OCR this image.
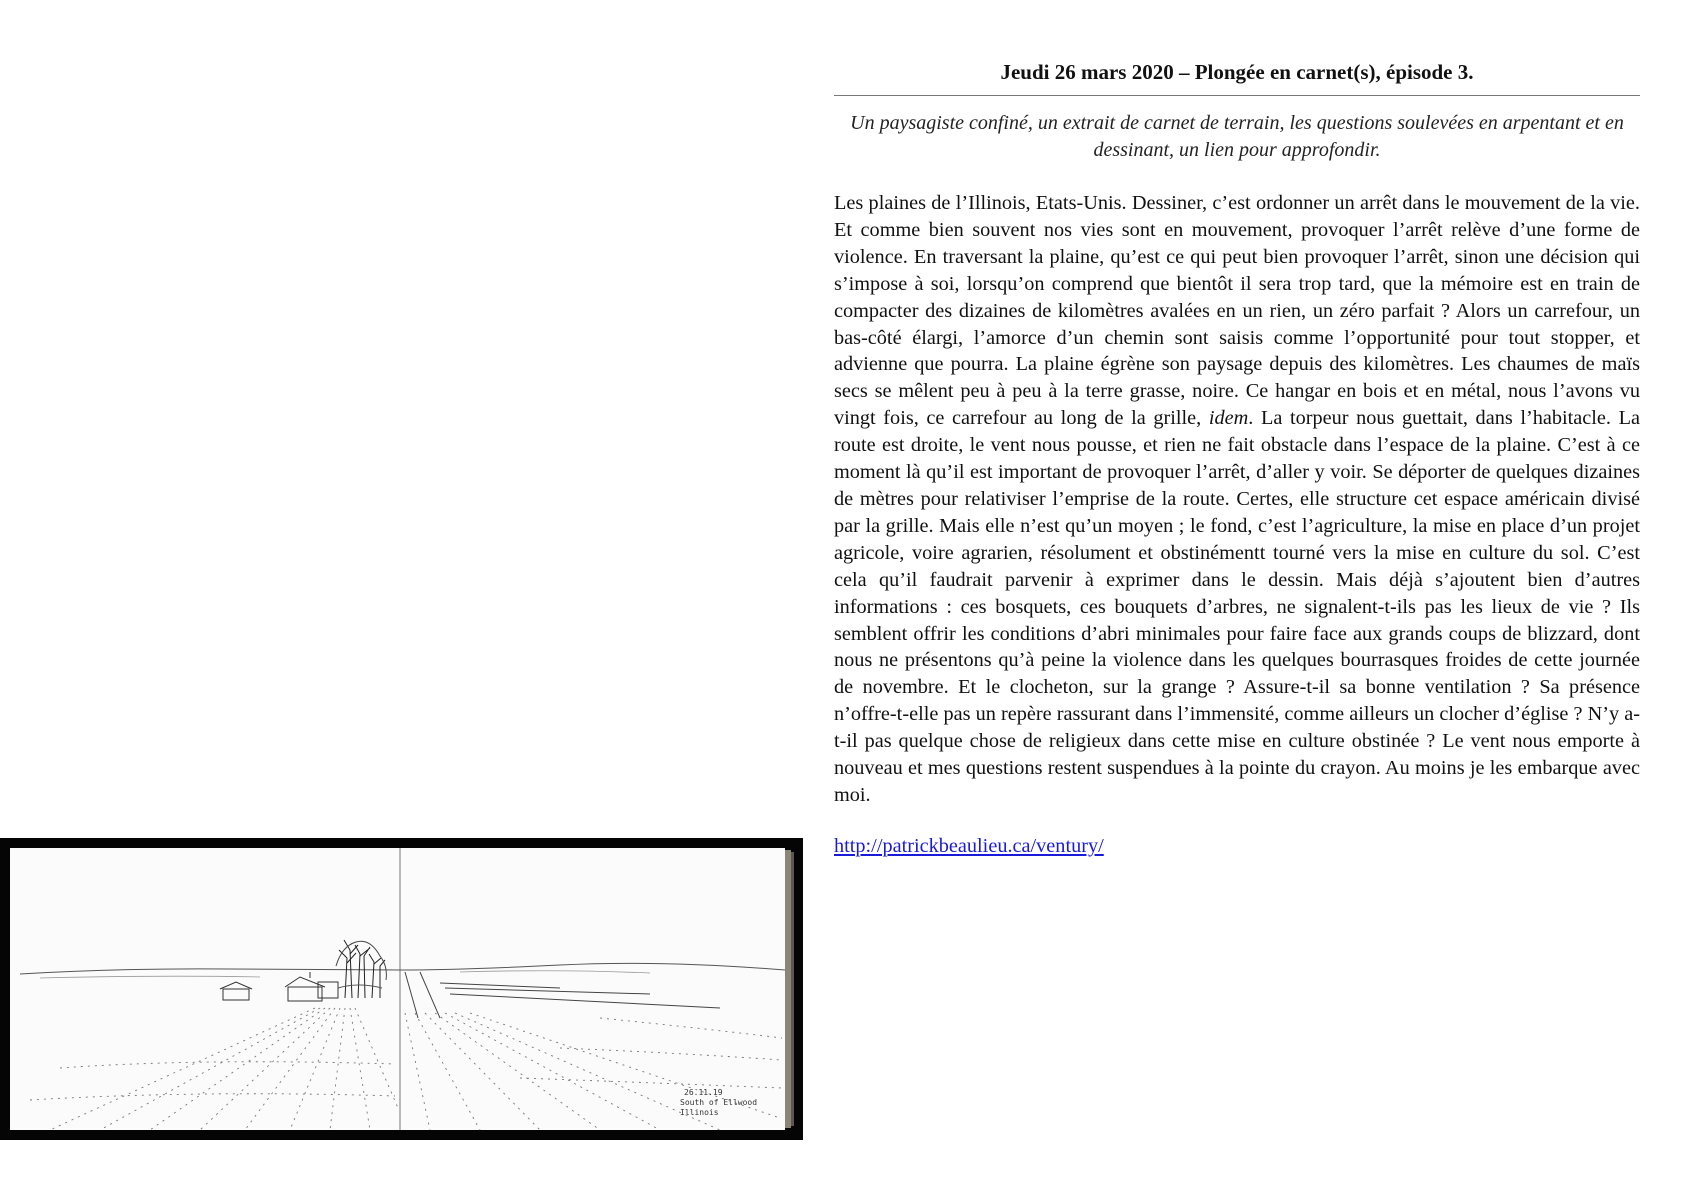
26.11.19
South of Ellwood
Illinois
Jeudi 26 mars 2020 – Plongée en carnet(s), épisode 3.

Un paysagiste confiné, un extrait de carnet de terrain, les questions soulevées en arpentant et en dessinant, un lien pour approfondir.

Les plaines de l’Illinois, Etats-Unis. Dessiner, c’est ordonner un arrêt dans le mouvement de la vie. Et comme bien souvent nos vies sont en mouvement, provoquer l’arrêt relève d’une forme de violence. En traversant la plaine, qu’est ce qui peut bien provoquer l’arrêt, sinon une décision qui s’impose à soi, lorsqu’on comprend que bientôt il sera trop tard, que la mémoire est en train de compacter des dizaines de kilomètres avalées en un rien, un zéro parfait ? Alors un carrefour, un bas-côté élargi, l’amorce d’un chemin sont saisis comme l’opportunité pour tout stopper, et advienne que pourra. La plaine égrène son paysage depuis des kilomètres. Les chaumes de maïs secs se mêlent peu à peu à la terre grasse, noire. Ce hangar en bois et en métal, nous l’avons vu vingt fois, ce carrefour au long de la grille, idem. La torpeur nous guettait, dans l’habitacle. La route est droite, le vent nous pousse, et rien ne fait obstacle dans l’espace de la plaine. C’est à ce moment là qu’il est important de provoquer l’arrêt, d’aller y voir. Se déporter de quelques dizaines de mètres pour relativiser l’emprise de la route. Certes, elle structure cet espace américain divisé par la grille. Mais elle n’est qu’un moyen ; le fond, c’est l’agriculture, la mise en place d’un projet agricole, voire agrarien, résolument et obstinémentt tourné vers la mise en culture du sol. C’est cela qu’il faudrait parvenir à exprimer dans le dessin. Mais déjà s’ajoutent bien d’autres informations : ces bosquets, ces bouquets d’arbres, ne signalent-t-ils pas les lieux de vie ? Ils semblent offrir les conditions d’abri minimales pour faire face aux grands coups de blizzard, dont nous ne présentons qu’à peine la violence dans les quelques bourrasques froides de cette journée de novembre. Et le clocheton, sur la grange ? Assure-t-il sa bonne ventilation ? Sa présence n’offre-t-elle pas un repère rassurant dans l’immensité, comme ailleurs un clocher d’église ? N’y a-t-il pas quelque chose de religieux dans cette mise en culture obstinée ? Le vent nous emporte à nouveau et mes questions restent suspendues à la pointe du crayon. Au moins je les embarque avec moi.

http://patrickbeaulieu.ca/ventury/
